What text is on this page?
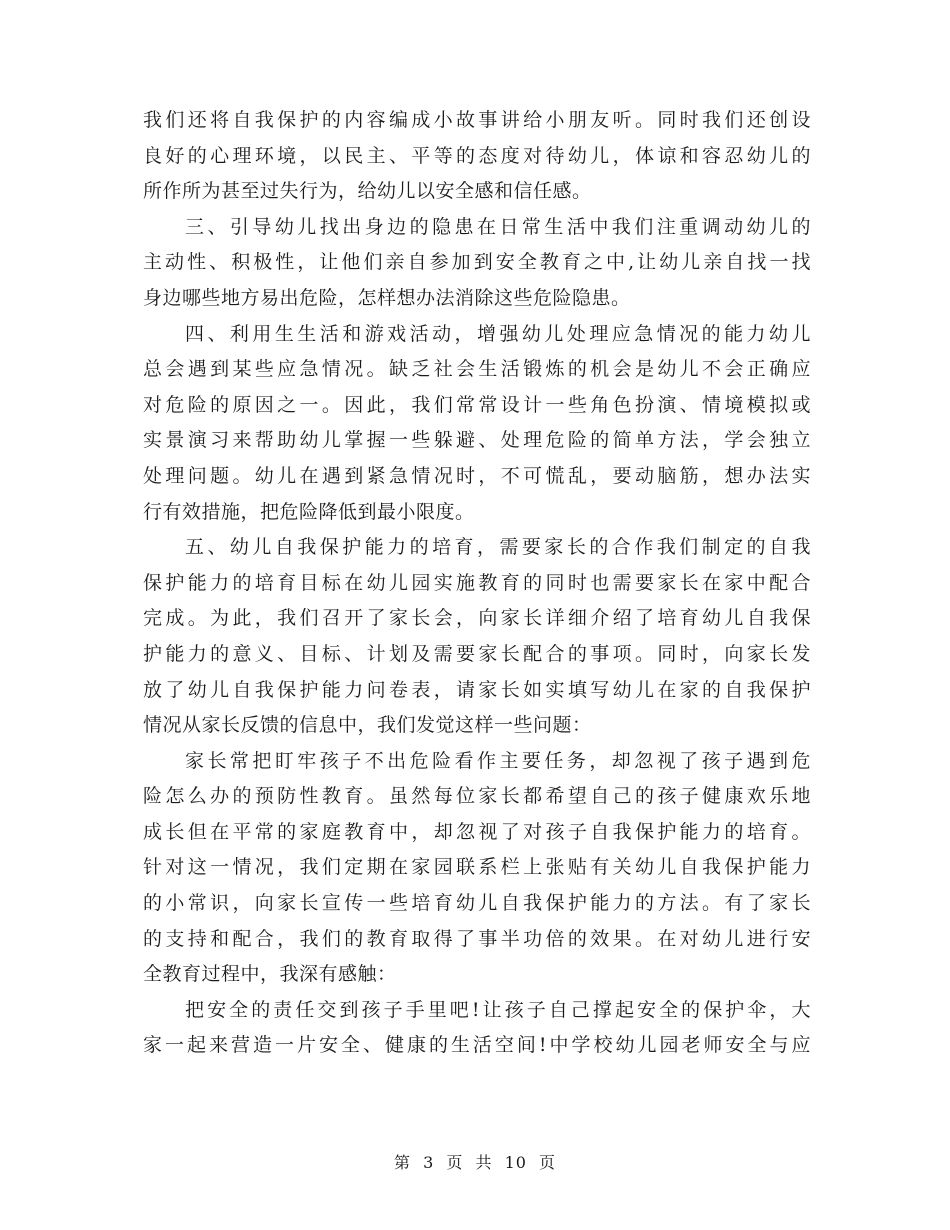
我们还将自我保护的内容编成小故事讲给小朋友听。同时我们还创设
良好的心理环境，以民主、平等的态度对待幼儿，体谅和容忍幼儿的
所作所为甚至过失行为，给幼儿以安全感和信任感。
三、引导幼儿找出身边的隐患在日常生活中我们注重调动幼儿的
主动性、积极性，让他们亲自参加到安全教育之中,让幼儿亲自找一找
身边哪些地方易出危险，怎样想办法消除这些危险隐患。
四、利用生生活和游戏活动，增强幼儿处理应急情况的能力幼儿
总会遇到某些应急情况。缺乏社会生活锻炼的机会是幼儿不会正确应
对危险的原因之一。因此，我们常常设计一些角色扮演、情境模拟或
实景演习来帮助幼儿掌握一些躲避、处理危险的简单方法，学会独立
处理问题。幼儿在遇到紧急情况时，不可慌乱，要动脑筋，想办法实
行有效措施，把危险降低到最小限度。
五、幼儿自我保护能力的培育，需要家长的合作我们制定的自我
保护能力的培育目标在幼儿园实施教育的同时也需要家长在家中配合
完成。为此，我们召开了家长会，向家长详细介绍了培育幼儿自我保
护能力的意义、目标、计划及需要家长配合的事项。同时，向家长发
放了幼儿自我保护能力问卷表，请家长如实填写幼儿在家的自我保护
情况从家长反馈的信息中，我们发觉这样一些问题：
家长常把盯牢孩子不出危险看作主要任务，却忽视了孩子遇到危
险怎么办的预防性教育。虽然每位家长都希望自己的孩子健康欢乐地
成长但在平常的家庭教育中，却忽视了对孩子自我保护能力的培育。
针对这一情况，我们定期在家园联系栏上张贴有关幼儿自我保护能力
的小常识，向家长宣传一些培育幼儿自我保护能力的方法。有了家长
的支持和配合，我们的教育取得了事半功倍的效果。在对幼儿进行安
全教育过程中，我深有感触：
把安全的责任交到孩子手里吧!让孩子自己撑起安全的保护伞，大
家一起来营造一片安全、健康的生活空间!中学校幼儿园老师安全与应
第 3 页 共 10 页
